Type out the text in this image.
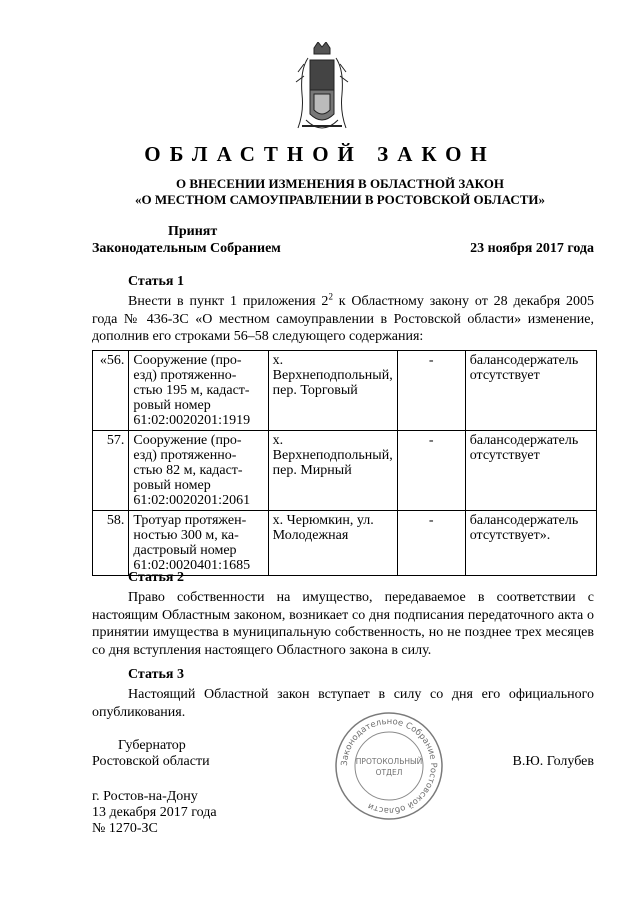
ОБЛАСТНОЙ ЗАКОН
О ВНЕСЕНИИ ИЗМЕНЕНИЯ В ОБЛАСТНОЙ ЗАКОН
«О МЕСТНОМ САМОУПРАВЛЕНИИ В РОСТОВСКОЙ ОБЛАСТИ»
Принят
Законодательным Собранием	23 ноября 2017 года
Статья 1
Внести в пункт 1 приложения $2^2$ к Областному закону от 28 декабря 2005 года № 436-ЗС «О местном самоуправлении в Ростовской области» изменение, дополнив его строками 56–58 следующего содержания:
«56.	Сооружение (про-езд) протяженно-стью 195 м, кадаст-ровый номер 61:02:0020201:1919	х. Верхнеподпольный, пер. Торговый	-	балансодержатель отсутствует
57.	Сооружение (про-езд) протяженно-стью 82 м, кадаст-ровый номер 61:02:0020201:2061	х. Верхнеподпольный, пер. Мирный	-	балансодержатель отсутствует
58.	Тротуар протяжен-ностью 300 м, ка-дастровый номер 61:02:0020401:1685	х. Черюмкин, ул. Молодежная	-	балансодержатель отсутствует».
Статья 2
Право собственности на имущество, передаваемое в соответствии с настоящим Областным законом, возникает со дня подписания передаточного акта о принятии имущества в муниципальную собственность, но не позднее трех месяцев со дня вступления настоящего Областного закона в силу.
Статья 3
Настоящий Областной закон вступает в силу со дня его официального опубликования.
Губернатор
Ростовской области	В.Ю. Голубев
Законодательное Собрание Ростовской области
ПРОТОКОЛЬНЫЙ
ОТДЕЛ
г. Ростов-на-Дону
13 декабря 2017 года
№ 1270-ЗС
